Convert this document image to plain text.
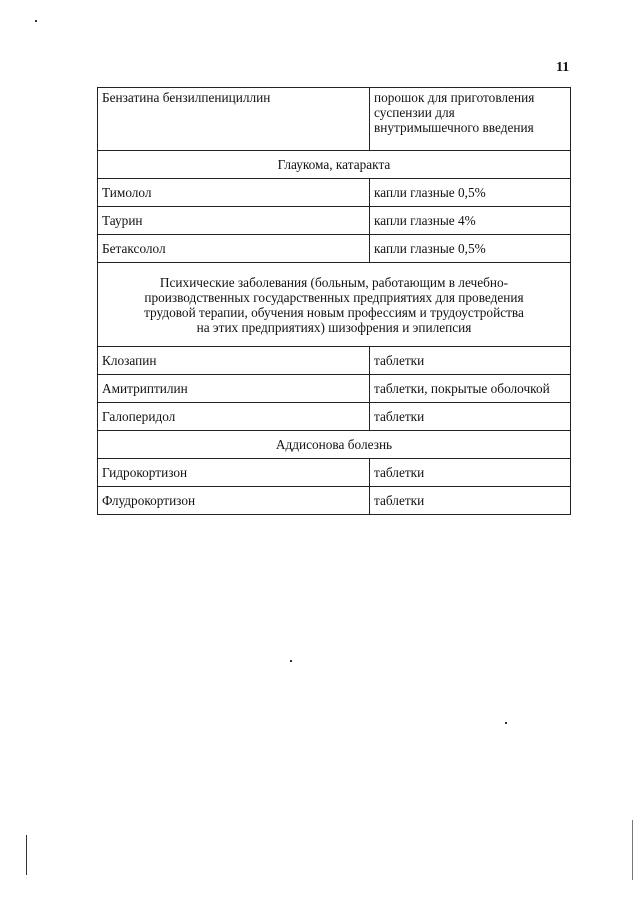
11
Бензатина бензилпенициллин	порошок для приготовления
суспензии для
внутримышечного введения

Глаукома, катаракта	
Тимолол	капли глазные 0,5%
Таурин	капли глазные 4%
Бетаксолол	капли глазные 0,5%

Психические заболевания (больным, работающим в лечебно-
производственных государственных предприятиях для проведения
трудовой терапии, обучения новым профессиям и трудоустройства
на этих предприятиях) шизофрения и эпилепсия	

Клозапин	таблетки
Амитриптилин	таблетки, покрытые оболочкой
Галоперидол	таблетки
Аддисонова болезнь	
Гидрокортизон	таблетки
Флудрокортизон	таблетки
